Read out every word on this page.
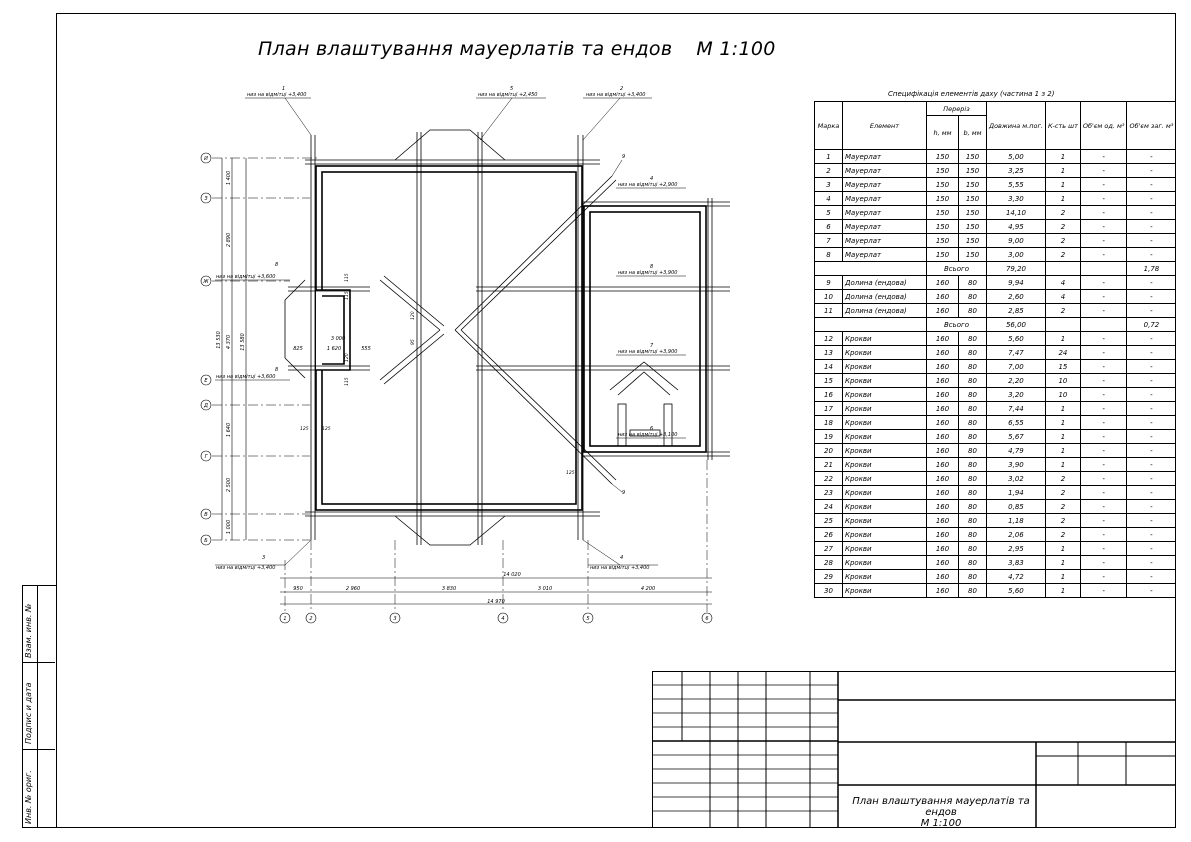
План влаштування мауерлатів та ендов М 1:100
Взам. инв. №
Подпис и дата
Инв. № ориг.
И
З
Ж
Е
Д
Г
В
Б
1	2	3	4	5	6
1
низ на відмітці +3,400
5
низ на відмітці +2,450
2
низ на відмітці +3,400
4
низ на відмітці +2,900
8
низ на відмітці +3,900
7
низ на відмітці +3,900
6
низ на відмітці +3,100
8
низ на відмітці +3,600
8
низ на відмітці +3,600
3
низ на відмітці +3,400
4
низ на відмітці +3,400
9
9
1 400
2 890
13 530 4 370 13 580
1 640
2 500
1 000
950	2 960	3 830	3 010	4 200
14 020
14 970
825
3 000
1 620	555
115
115
120
95
120
115
125	125
125
Специфікація елементів даху (частина 1 з 2)
Марка	Елемент	Переріз		Довжина м.пог.	К-сть шт	Об'єм од. м³	Об'єм заг. м³
		h, мм	b, мм				
1	Мауерлат	150	150	5,00	1	-	-
2	Мауерлат	150	150	3,25	1	-	-
3	Мауерлат	150	150	5,55	1	-	-
4	Мауерлат	150	150	3,30	1	-	-
5	Мауерлат	150	150	14,10	2	-	-
6	Мауерлат	150	150	4,95	2	-	-
7	Мауерлат	150	150	9,00	2	-	-
8	Мауерлат	150	150	3,00	2	-	-
		Всього		79,20			1,78
9	Долина (ендова)	160	80	9,94	4	-	-
10	Долина (ендова)	160	80	2,60	4	-	-
11	Долина (ендова)	160	80	2,85	2	-	-
		Всього		56,00			0,72
12	Крокви	160	80	5,60	1	-	-
13	Крокви	160	80	7,47	24	-	-
14	Крокви	160	80	7,00	15	-	-
15	Крокви	160	80	2,20	10	-	-
16	Крокви	160	80	3,20	10	-	-
17	Крокви	160	80	7,44	1	-	-
18	Крокви	160	80	6,55	1	-	-
19	Крокви	160	80	5,67	1	-	-
20	Крокви	160	80	4,79	1	-	-
21	Крокви	160	80	3,90	1	-	-
22	Крокви	160	80	3,02	2	-	-
23	Крокви	160	80	1,94	2	-	-
24	Крокви	160	80	0,85	2	-	-
25	Крокви	160	80	1,18	2	-	-
26	Крокви	160	80	2,06	2	-	-
27	Крокви	160	80	2,95	1	-	-
28	Крокви	160	80	3,83	1	-	-
29	Крокви	160	80	4,72	1	-	-
30	Крокви	160	80	5,60	1	-	-
План влаштування мауерлатів та ендов
М 1:100
